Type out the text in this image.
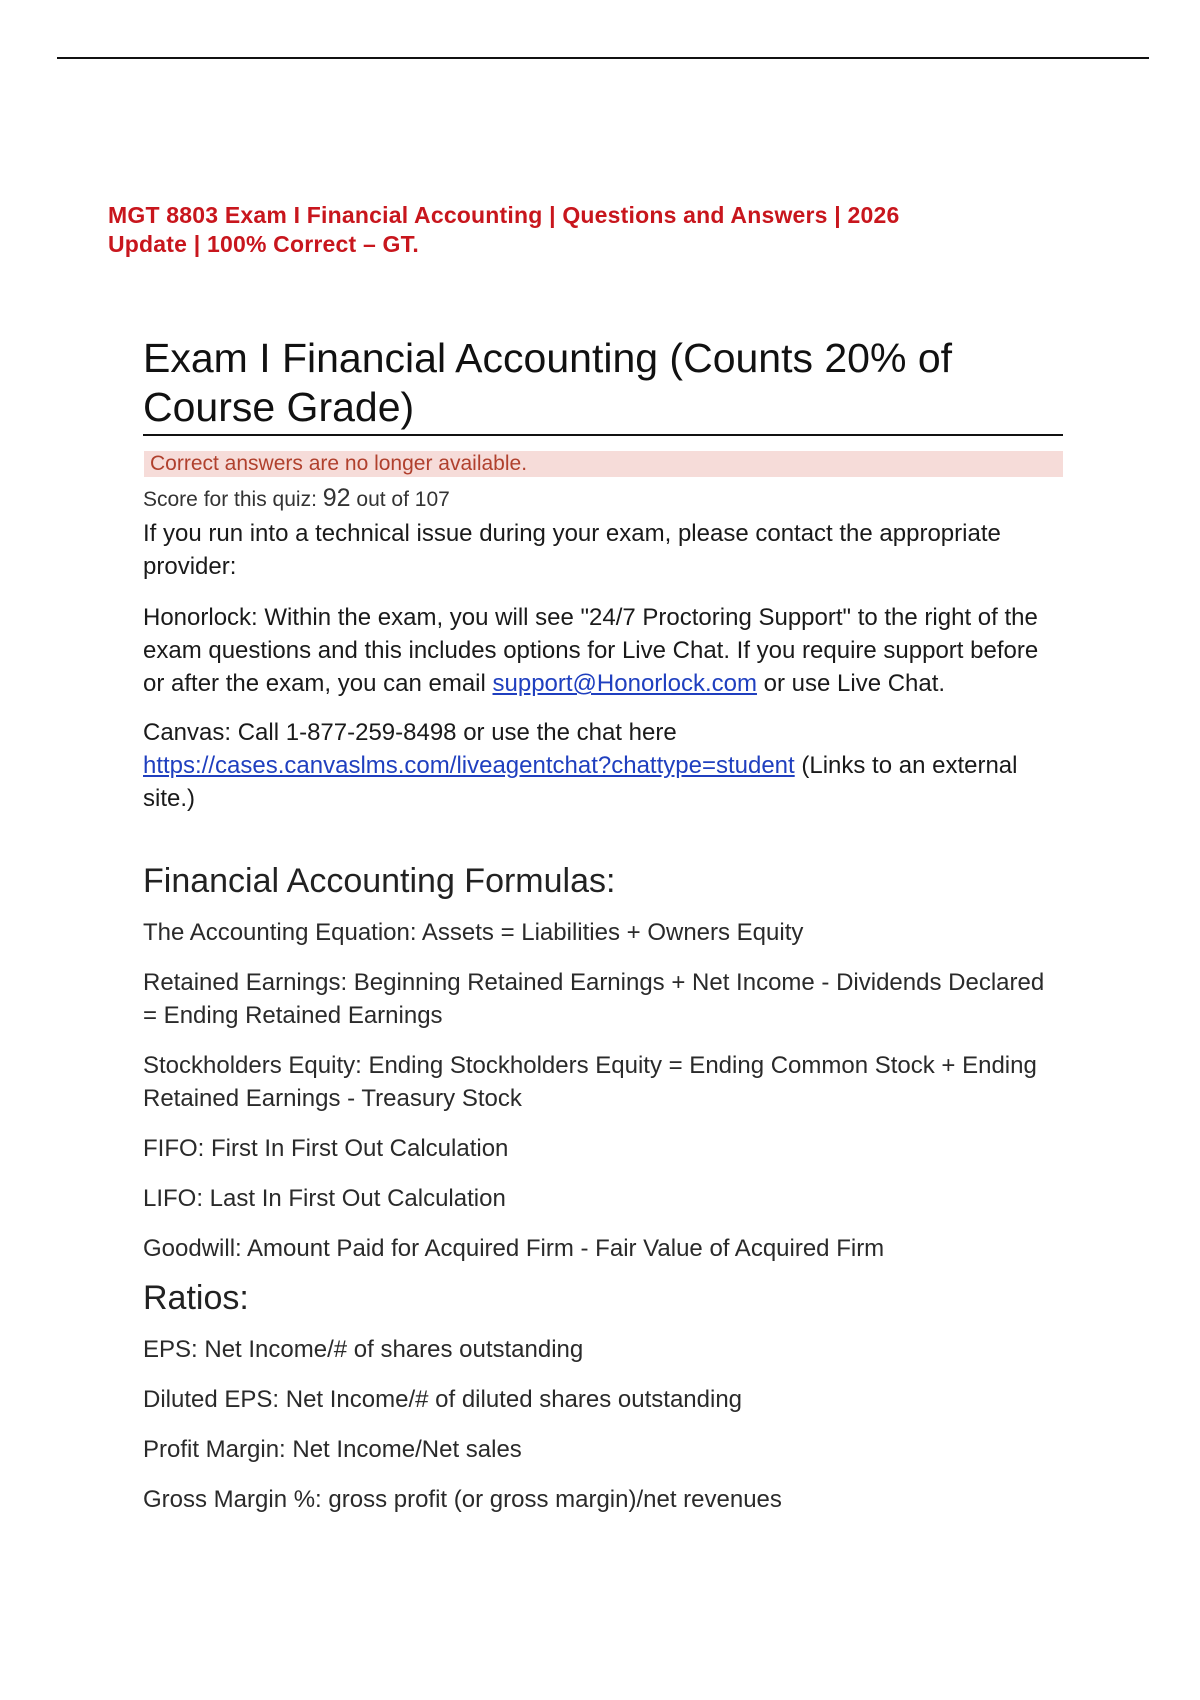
MGT 8803 Exam I Financial Accounting | Questions and Answers | 2026
Update | 100% Correct – GT.
Exam I Financial Accounting (Counts 20% of
Course Grade)
Correct answers are no longer available.
Score for this quiz: 92 out of 107

If you run into a technical issue during your exam, please contact the appropriate provider:

Honorlock: Within the exam, you will see "24/7 Proctoring Support" to the right of the exam questions and this includes options for Live Chat. If you require support before or after the exam, you can email support@Honorlock.com or use Live Chat.

Canvas: Call 1-877-259-8498 or use the chat here https://cases.canvaslms.com/liveagentchat?chattype=student (Links to an external site.)

Financial Accounting Formulas:

The Accounting Equation: Assets = Liabilities + Owners Equity

Retained Earnings: Beginning Retained Earnings + Net Income - Dividends Declared = Ending Retained Earnings

Stockholders Equity: Ending Stockholders Equity = Ending Common Stock + Ending Retained Earnings - Treasury Stock

FIFO: First In First Out Calculation

LIFO: Last In First Out Calculation

Goodwill: Amount Paid for Acquired Firm - Fair Value of Acquired Firm

Ratios:

EPS: Net Income/# of shares outstanding

Diluted EPS: Net Income/# of diluted shares outstanding

Profit Margin: Net Income/Net sales

Gross Margin %: gross profit (or gross margin)/net revenues
